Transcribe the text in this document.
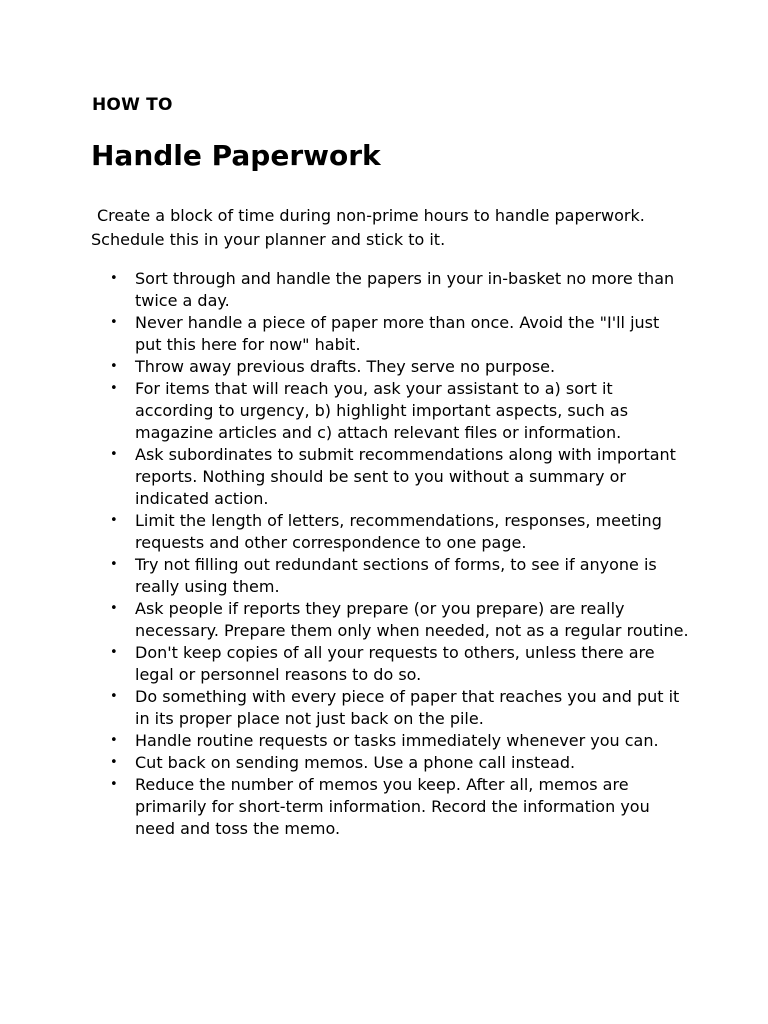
HOW TO
Handle Paperwork

Create a block of time during non-prime hours to handle paperwork. Schedule this in your planner and stick to it.

• Sort through and handle the papers in your in-basket no more than twice a day.
• Never handle a piece of paper more than once. Avoid the "I'll just put this here for now" habit.
• Throw away previous drafts. They serve no purpose.
• For items that will reach you, ask your assistant to a) sort it according to urgency, b) highlight important aspects, such as magazine articles and c) attach relevant files or information.
• Ask subordinates to submit recommendations along with important reports. Nothing should be sent to you without a summary or indicated action.
• Limit the length of letters, recommendations, responses, meeting requests and other correspondence to one page.
• Try not filling out redundant sections of forms, to see if anyone is really using them.
• Ask people if reports they prepare (or you prepare) are really necessary. Prepare them only when needed, not as a regular routine.
• Don't keep copies of all your requests to others, unless there are legal or personnel reasons to do so.
• Do something with every piece of paper that reaches you and put it in its proper place not just back on the pile.
• Handle routine requests or tasks immediately whenever you can.
• Cut back on sending memos. Use a phone call instead.
• Reduce the number of memos you keep. After all, memos are primarily for short-term information. Record the information you need and toss the memo.
